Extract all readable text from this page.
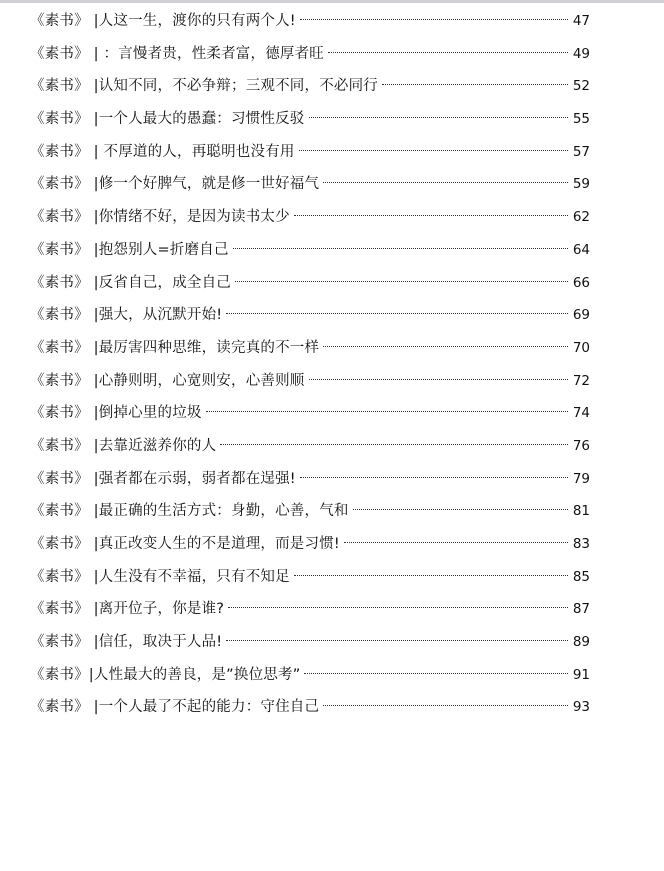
《素书》 |人这一生，渡你的只有两个人!	47
《素书》 | ：言慢者贵，性柔者富，德厚者旺	49
《素书》 |认知不同，不必争辩；三观不同，不必同行	52
《素书》 |一个人最大的愚蠢：习惯性反驳	55
《素书》 | 不厚道的人，再聪明也没有用	57
《素书》 |修一个好脾气，就是修一世好福气	59
《素书》 |你情绪不好，是因为读书太少	62
《素书》 |抱怨别人=折磨自己	64
《素书》 |反省自己，成全自己	66
《素书》 |强大，从沉默开始!	69
《素书》 |最厉害四种思维，读完真的不一样	70
《素书》 |心静则明，心宽则安，心善则顺	72
《素书》 |倒掉心里的垃圾	74
《素书》 |去靠近滋养你的人	76
《素书》 |强者都在示弱，弱者都在逞强!	79
《素书》 |最正确的生活方式：身勤，心善，气和	81
《素书》 |真正改变人生的不是道理，而是习惯!	83
《素书》 |人生没有不幸福，只有不知足	85
《素书》 |离开位子，你是谁?	87
《素书》 |信任，取决于人品!	89
《素书》|人性最大的善良，是”换位思考”	91
《素书》 |一个人最了不起的能力：守住自己	93
